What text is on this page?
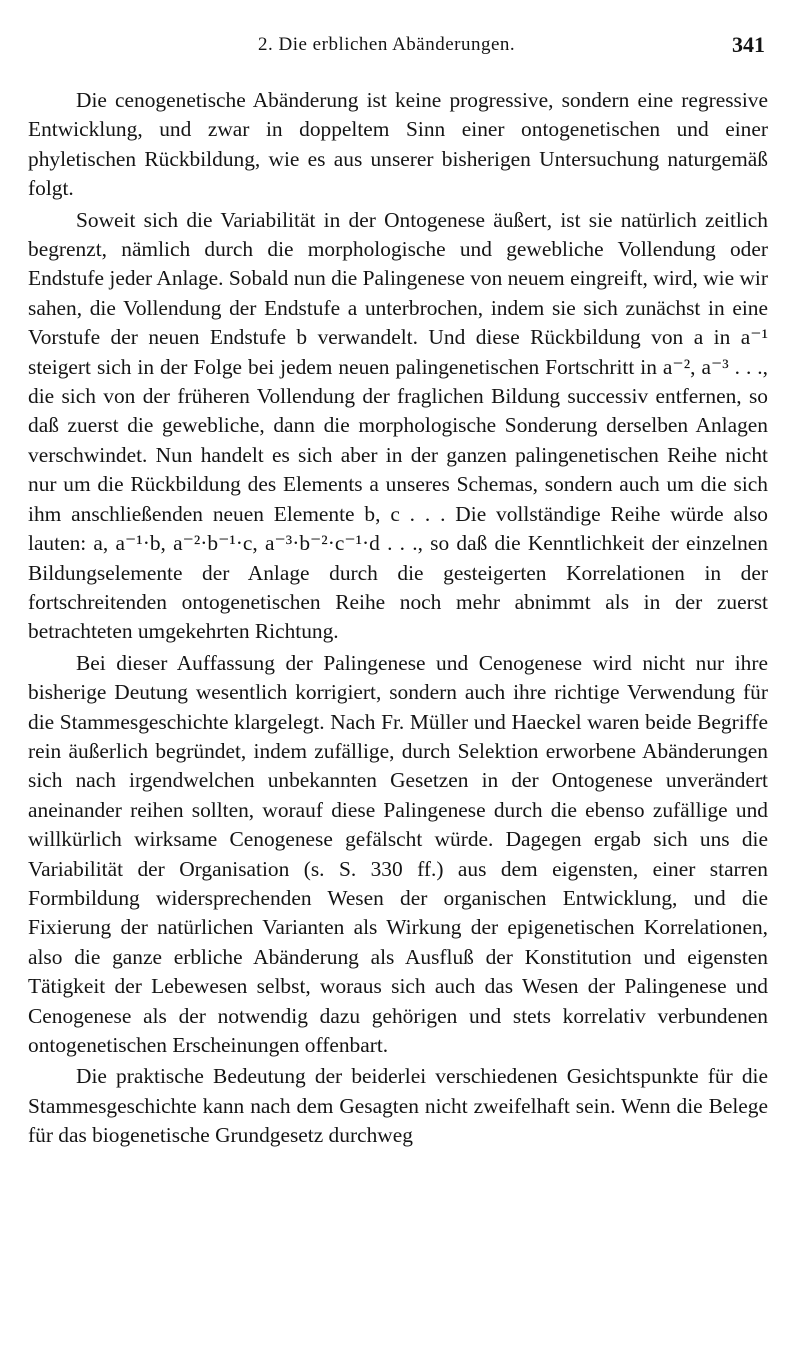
2. Die erblichen Abänderungen.	341

Die cenogenetische Abänderung ist keine progressive, sondern eine regressive Entwicklung, und zwar in doppeltem Sinn einer ontogenetischen und einer phyletischen Rückbildung, wie es aus unserer bisherigen Untersuchung naturgemäß folgt.

Soweit sich die Variabilität in der Ontogenese äußert, ist sie natürlich zeitlich begrenzt, nämlich durch die morphologische und gewebliche Vollendung oder Endstufe jeder Anlage. Sobald nun die Palingenese von neuem eingreift, wird, wie wir sahen, die Vollendung der Endstufe a unterbrochen, indem sie sich zunächst in eine Vorstufe der neuen Endstufe b verwandelt. Und diese Rückbildung von a in a⁻¹ steigert sich in der Folge bei jedem neuen palingenetischen Fortschritt in a⁻², a⁻³ . . ., die sich von der früheren Vollendung der fraglichen Bildung successiv entfernen, so daß zuerst die gewebliche, dann die morphologische Sonderung derselben Anlagen verschwindet. Nun handelt es sich aber in der ganzen palingenetischen Reihe nicht nur um die Rückbildung des Elements a unseres Schemas, sondern auch um die sich ihm anschließenden neuen Elemente b, c . . . Die vollständige Reihe würde also lauten: a, a⁻¹·b, a⁻²·b⁻¹·c, a⁻³·b⁻²·c⁻¹·d . . ., so daß die Kenntlichkeit der einzelnen Bildungselemente der Anlage durch die gesteigerten Korrelationen in der fortschreitenden ontogenetischen Reihe noch mehr abnimmt als in der zuerst betrachteten umgekehrten Richtung.

Bei dieser Auffassung der Palingenese und Cenogenese wird nicht nur ihre bisherige Deutung wesentlich korrigiert, sondern auch ihre richtige Verwendung für die Stammesgeschichte klargelegt. Nach Fr. Müller und Haeckel waren beide Begriffe rein äußerlich begründet, indem zufällige, durch Selektion erworbene Abänderungen sich nach irgendwelchen unbekannten Gesetzen in der Ontogenese unverändert aneinander reihen sollten, worauf diese Palingenese durch die ebenso zufällige und willkürlich wirksame Cenogenese gefälscht würde. Dagegen ergab sich uns die Variabilität der Organisation (s. S. 330 ff.) aus dem eigensten, einer starren Formbildung widersprechenden Wesen der organischen Entwicklung, und die Fixierung der natürlichen Varianten als Wirkung der epigenetischen Korrelationen, also die ganze erbliche Abänderung als Ausfluß der Konstitution und eigensten Tätigkeit der Lebewesen selbst, woraus sich auch das Wesen der Palingenese und Cenogenese als der notwendig dazu gehörigen und stets korrelativ verbundenen ontogenetischen Erscheinungen offenbart.

Die praktische Bedeutung der beiderlei verschiedenen Gesichtspunkte für die Stammesgeschichte kann nach dem Gesagten nicht zweifelhaft sein. Wenn die Belege für das biogenetische Grundgesetz durchweg
